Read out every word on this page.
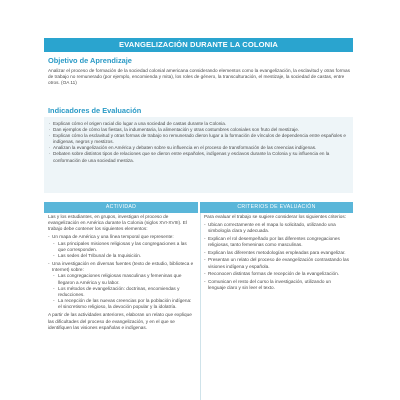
EVANGELIZACIÓN DURANTE LA COLONIA
Objetivo de Aprendizaje
Analizar el proceso de formación de la sociedad colonial americana considerando elementos como la evangelización, la esclavitud y otras formas de trabajo no remunerado (por ejemplo, encomienda y mita), los roles de género, la transculturación, el mestizaje, la sociedad de castas, entre otros. (OA 11)
Indicadores de Evaluación
· Explican cómo el origen racial dio lugar a una sociedad de castas durante la Colonia.
· Dan ejemplos de cómo las fiestas, la indumentaria, la alimentación y otras costumbres coloniales son fruto del mestizaje.
· Explican cómo la esclavitud y otras formas de trabajo no remunerado dieron lugar a la formación de vínculos de dependencia entre españoles e indígenas, negros y mestizos.
· Analizan la evangelización en América y debaten sobre su influencia en el proceso de transformación de las creencias indígenas.
· Debaten sobre distintos tipos de relaciones que se dieron entre españoles, indígenas y esclavos durante la Colonia y su influencia en la conformación de una sociedad mestiza.
ACTIVIDAD	CRITERIOS DE EVALUACIÓN

Las y los estudiantes, en grupos, investigan el proceso de evangelización en América durante la Colonia (siglos XVI-XVIII). El trabajo debe contener los siguientes elementos:

- Un mapa de América y una línea temporal que represente:

- Las principales misiones religiosas y las congregaciones a las que corresponden.

- Las sedes del Tribunal de la Inquisición.

- Una investigación en diversas fuentes (texto de estudio, biblioteca e Internet) sobre:

- Las congregaciones religiosas masculinas y femeninas que llegaron a América y su labor.

- Los métodos de evangelización: doctrinas, encomiendas y reducciones.

- La recepción de las nuevas creencias por la población indígena: el sincretismo religioso, la devoción popular y la idolatría.

A partir de las actividades anteriores, elaboran un relato que explique las dificultades del proceso de evangelización, y en el que se identifiquen las visiones españolas e indígenas.

Para evaluar el trabajo se sugiere considerar los siguientes criterios:

- Ubican correctamente en el mapa lo solicitado, utilizando una simbología clara y adecuada.

- Explican el rol desempeñado por las diferentes congregaciones religiosas, tanto femeninas como masculinas.

- Explican las diferentes metodologías empleadas para evangelizar.

- Presentan un relato del proceso de evangelización contrastando las visiones indígena y española.

- Reconocen distintas formas de recepción de la evangelización.

- Comunican el resto del curso la investigación, utilizando un lenguaje claro y sin leer el texto.
